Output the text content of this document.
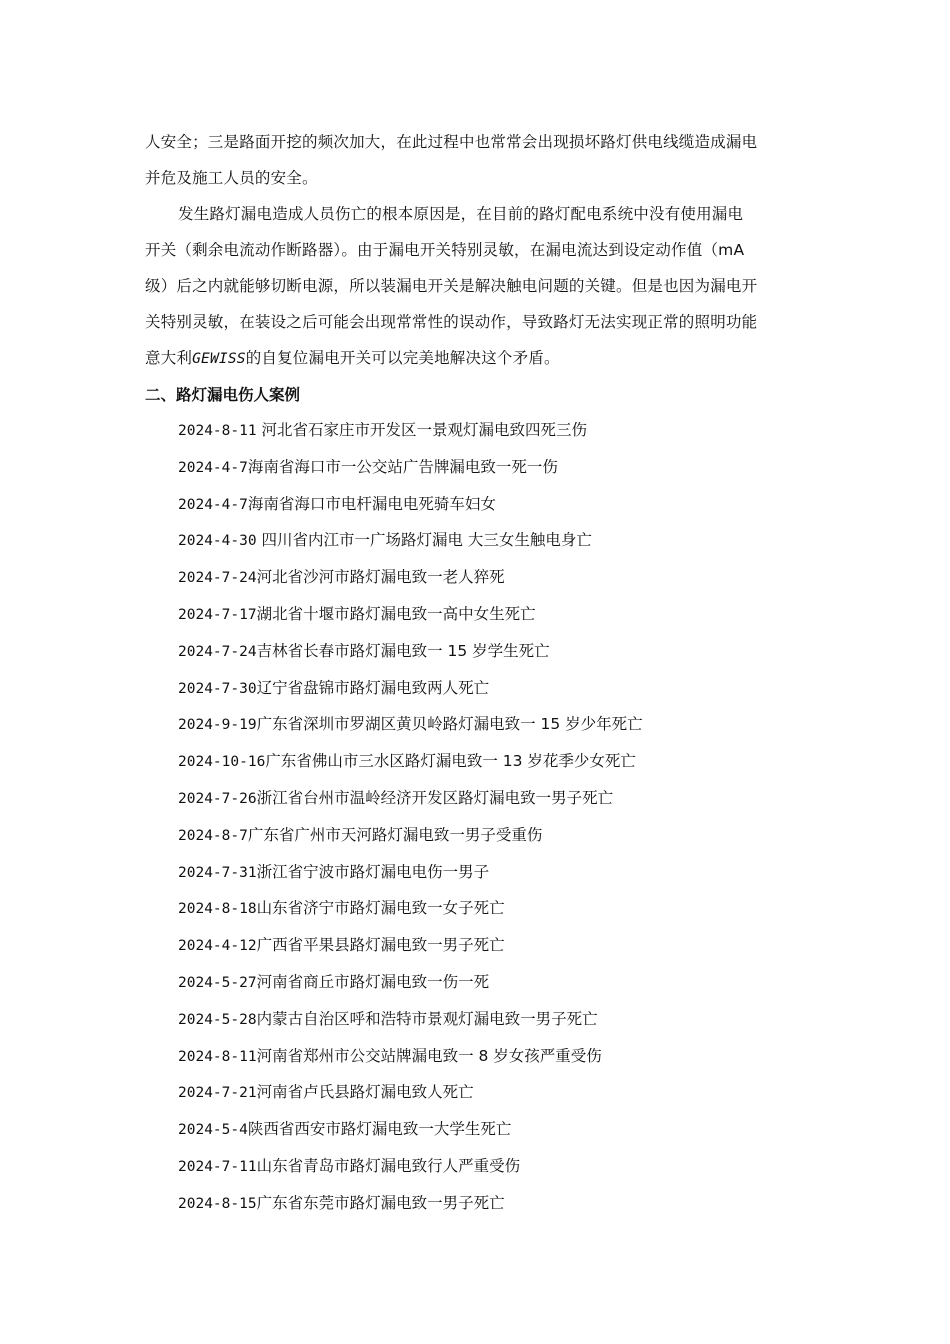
人安全；三是路面开挖的频次加大，在此过程中也常常会出现损坏路灯供电线缆造成漏电
并危及施工人员的安全。

发生路灯漏电造成人员伤亡的根本原因是，在目前的路灯配电系统中没有使用漏电
开关（剩余电流动作断路器）。由于漏电开关特别灵敏，在漏电流达到设定动作值（mA
级）后之内就能够切断电源，所以装漏电开关是解决触电问题的关键。但是也因为漏电开
关特别灵敏，在装设之后可能会出现常常性的误动作，导致路灯无法实现正常的照明功能
意大利GEWISS的自复位漏电开关可以完美地解决这个矛盾。

二、路灯漏电伤人案例
2024-8-11 河北省石家庄市开发区一景观灯漏电致四死三伤
2024-4-7海南省海口市一公交站广告牌漏电致一死一伤
2024-4-7海南省海口市电杆漏电电死骑车妇女
2024-4-30 四川省内江市一广场路灯漏电 大三女生触电身亡
2024-7-24河北省沙河市路灯漏电致一老人猝死
2024-7-17湖北省十堰市路灯漏电致一高中女生死亡
2024-7-24吉林省长春市路灯漏电致一 15 岁学生死亡
2024-7-30辽宁省盘锦市路灯漏电致两人死亡
2024-9-19广东省深圳市罗湖区黄贝岭路灯漏电致一 15 岁少年死亡
2024-10-16广东省佛山市三水区路灯漏电致一 13 岁花季少女死亡
2024-7-26浙江省台州市温岭经济开发区路灯漏电致一男子死亡
2024-8-7广东省广州市天河路灯漏电致一男子受重伤
2024-7-31浙江省宁波市路灯漏电电伤一男子
2024-8-18山东省济宁市路灯漏电致一女子死亡
2024-4-12广西省平果县路灯漏电致一男子死亡
2024-5-27河南省商丘市路灯漏电致一伤一死
2024-5-28内蒙古自治区呼和浩特市景观灯漏电致一男子死亡
2024-8-11河南省郑州市公交站牌漏电致一 8 岁女孩严重受伤
2024-7-21河南省卢氏县路灯漏电致人死亡
2024-5-4陕西省西安市路灯漏电致一大学生死亡
2024-7-11山东省青岛市路灯漏电致行人严重受伤
2024-8-15广东省东莞市路灯漏电致一男子死亡
